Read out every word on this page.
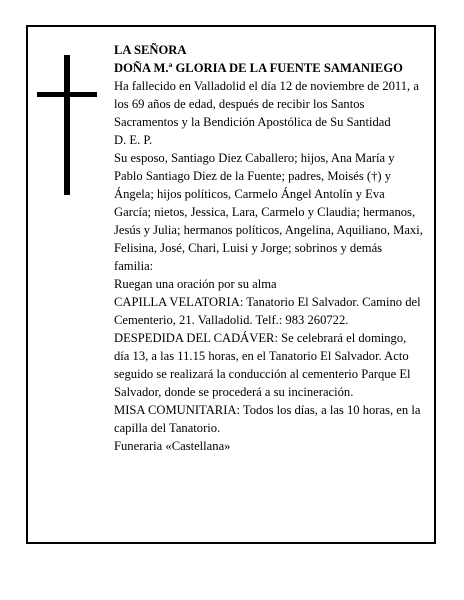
LA SEÑORA

DOÑA M.ª GLORIA DE LA FUENTE SAMANIEGO

Ha fallecido en Valladolid el día 12 de noviembre de 2011, a los 69 años de edad, después de recibir los Santos Sacramentos y la Bendición Apostólica de Su Santidad

D. E. P.

Su esposo, Santiago Diez Caballero; hijos, Ana María y Pablo Santiago Diez de la Fuente; padres, Moisés (†) y Ángela; hijos políticos, Carmelo Ángel Antolín y Eva García; nietos, Jessica, Lara, Carmelo y Claudia; hermanos, Jesús y Julia; hermanos políticos, Angelina, Aquiliano, Maxi, Felisina, José, Chari, Luisi y Jorge; sobrinos y demás familia:

Ruegan una oración por su alma

CAPILLA VELATORIA: Tanatorio El Salvador. Camino del Cementerio, 21. Valladolid. Telf.: 983 260722.

DESPEDIDA DEL CADÁVER: Se celebrará el domingo, día 13, a las 11.15 horas, en el Tanatorio El Salvador. Acto seguido se realizará la conducción al cementerio Parque El Salvador, donde se procederá a su incineración.

MISA COMUNITARIA: Todos los días, a las 10 horas, en la capilla del Tanatorio.

Funeraria «Castellana»
